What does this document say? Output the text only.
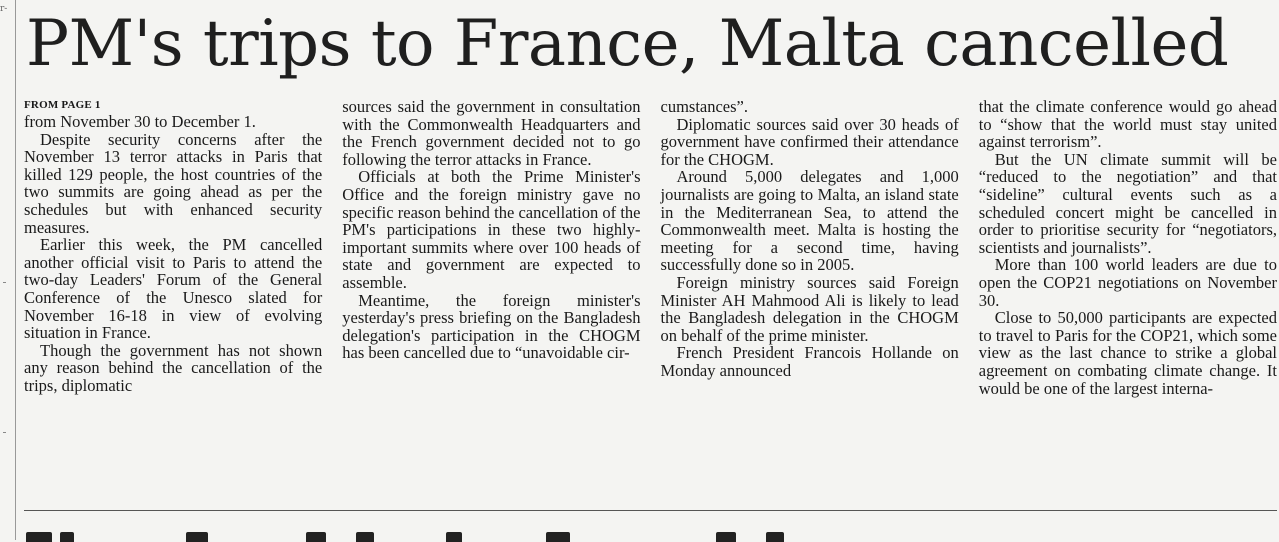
r- PM's trips to France, Malta cancelled
FROM PAGE 1

from November 30 to December 1.

Despite security concerns after the November 13 terror attacks in Paris that killed 129 people, the host countries of the two summits are going ahead as per the schedules but with enhanced security measures.

Earlier this week, the PM cancelled another official visit to Paris to attend the two-day Leaders' Forum of the General Conference of the Unesco slated for November 16-18 in view of evolving situation in France.

Though the government has not shown any reason behind the cancellation of the trips, diplomatic

sources said the government in consultation with the Commonwealth Headquarters and the French government decided not to go following the terror attacks in France.

Officials at both the Prime Minister's Office and the foreign ministry gave no specific reason behind the cancellation of the PM's participations in these two highly-important summits where over 100 heads of state and government are expected to assemble.

Meantime, the foreign minister's yesterday's press briefing on the Bangladesh delegation's participation in the CHOGM has been cancelled due to “unavoidable cir-

cumstances”.

Diplomatic sources said over 30 heads of government have confirmed their attendance for the CHOGM.

Around 5,000 delegates and 1,000 journalists are going to Malta, an island state in the Mediterranean Sea, to attend the Commonwealth meet. Malta is hosting the meeting for a second time, having successfully done so in 2005.

Foreign ministry sources said Foreign Minister AH Mahmood Ali is likely to lead the Bangladesh delegation in the CHOGM on behalf of the prime minister.

French President Francois Hollande on Monday announced

that the climate conference would go ahead to “show that the world must stay united against terrorism”.

But the UN climate summit will be “reduced to the negotiation” and that “sideline” cultural events such as a scheduled concert might be cancelled in order to prioritise security for “negotiators, scientists and journalists”.

More than 100 world leaders are due to open the COP21 negotiations on November 30.

Close to 50,000 participants are expected to travel to Paris for the COP21, which some view as the last chance to strike a global agreement on combating climate change. It would be one of the largest interna-
